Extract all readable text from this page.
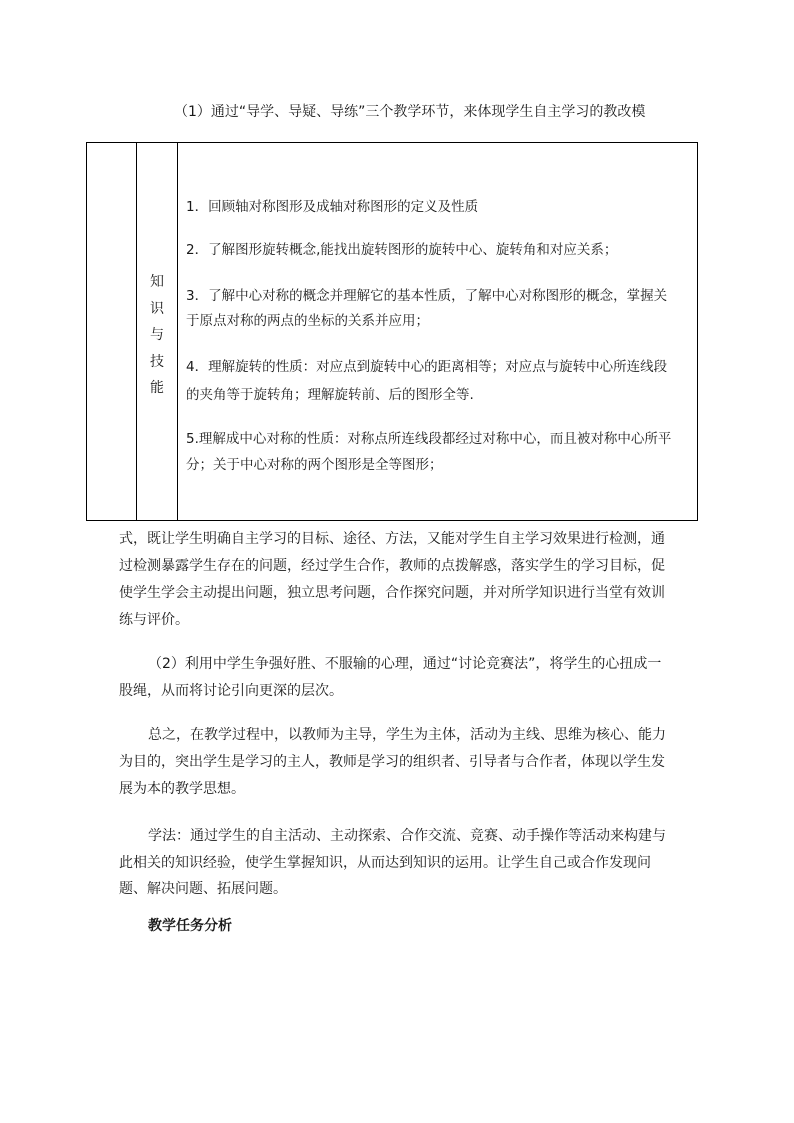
（1）通过“导学、导疑、导练”三个教学环节，来体现学生自主学习的教改模
知
识
与
技
能
1．回顾轴对称图形及成轴对称图形的定义及性质
2．了解图形旋转概念,能找出旋转图形的旋转中心、旋转角和对应关系；
3．了解中心对称的概念并理解它的基本性质，了解中心对称图形的概念，掌握关
于原点对称的两点的坐标的关系并应用；
4．理解旋转的性质：对应点到旋转中心的距离相等；对应点与旋转中心所连线段
的夹角等于旋转角；理解旋转前、后的图形全等.
5.理解成中心对称的性质：对称点所连线段都经过对称中心，而且被对称中心所平
分；关于中心对称的两个图形是全等图形；
式，既让学生明确自主学习的目标、途径、方法，又能对学生自主学习效果进行检测，通
过检测暴露学生存在的问题，经过学生合作，教师的点拨解惑，落实学生的学习目标，促
使学生学会主动提出问题，独立思考问题，合作探究问题，并对所学知识进行当堂有效训
练与评价。
（2）利用中学生争强好胜、不服输的心理，通过“讨论竞赛法”，将学生的心扭成一
股绳，从而将讨论引向更深的层次。
总之，在教学过程中，以教师为主导，学生为主体，活动为主线、思维为核心、能力
为目的，突出学生是学习的主人，教师是学习的组织者、引导者与合作者，体现以学生发
展为本的教学思想。
学法：通过学生的自主活动、主动探索、合作交流、竞赛、动手操作等活动来构建与
此相关的知识经验，使学生掌握知识，从而达到知识的运用。让学生自己或合作发现问
题、解决问题、拓展问题。
教学任务分析
